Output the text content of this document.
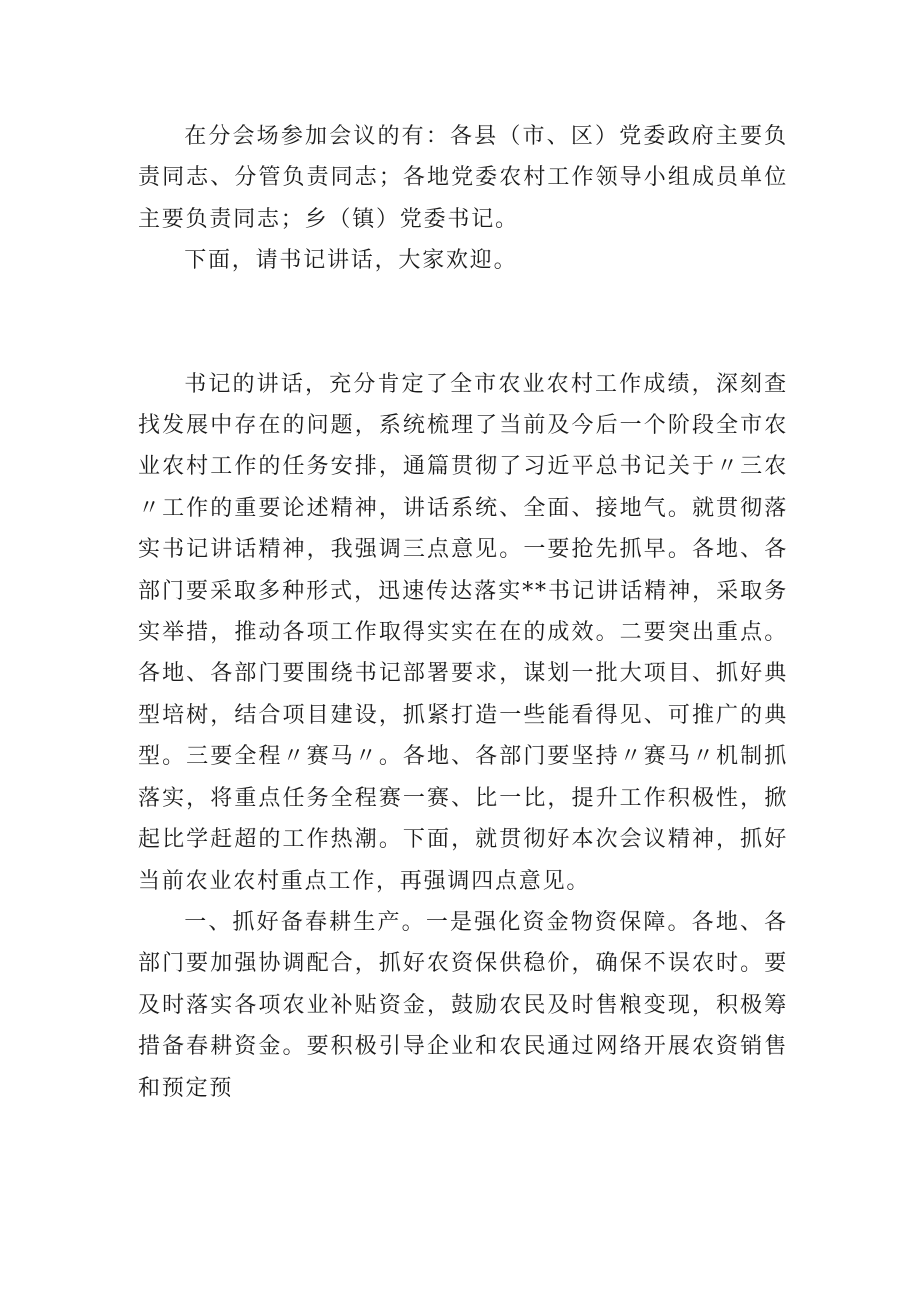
在分会场参加会议的有：各县（市、区）党委政府主要负责同志、分管负责同志；各地党委农村工作领导小组成员单位主要负责同志；乡（镇）党委书记。

下面，请书记讲话，大家欢迎。

书记的讲话，充分肯定了全市农业农村工作成绩，深刻查找发展中存在的问题，系统梳理了当前及今后一个阶段全市农业农村工作的任务安排，通篇贯彻了习近平总书记关于〃三农〃工作的重要论述精神，讲话系统、全面、接地气。就贯彻落实书记讲话精神，我强调三点意见。一要抢先抓早。各地、各部门要采取多种形式，迅速传达落实**书记讲话精神，采取务实举措，推动各项工作取得实实在在的成效。二要突出重点。各地、各部门要围绕书记部署要求，谋划一批大项目、抓好典型培树，结合项目建设，抓紧打造一些能看得见、可推广的典型。三要全程〃赛马〃。各地、各部门要坚持〃赛马〃机制抓落实，将重点任务全程赛一赛、比一比，提升工作积极性，掀起比学赶超的工作热潮。下面，就贯彻好本次会议精神，抓好当前农业农村重点工作，再强调四点意见。

一、抓好备春耕生产。一是强化资金物资保障。各地、各部门要加强协调配合，抓好农资保供稳价，确保不误农时。要及时落实各项农业补贴资金，鼓励农民及时售粮变现，积极筹措备春耕资金。要积极引导企业和农民通过网络开展农资销售和预定预
